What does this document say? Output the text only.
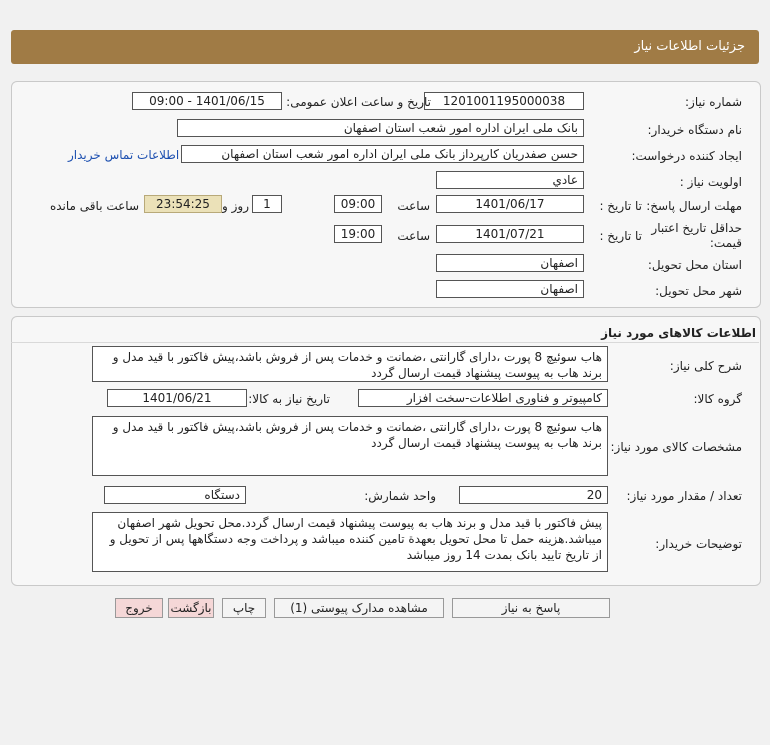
جزئیات اطلاعات نیاز
شماره نیاز:
1201001195000038
تاریخ و ساعت اعلان عمومی:
1401/06/15 - 09:00
نام دستگاه خریدار:
بانک ملی ایران اداره امور شعب استان اصفهان
ایجاد کننده درخواست:
حسن صفدریان کارپرداز بانک ملی ایران اداره امور شعب استان اصفهان
اطلاعات تماس خریدار
اولویت نیاز :
عادي
مهلت ارسال پاسخ:
تا تاریخ :
1401/06/17
ساعت
09:00
1
روز و
23:54:25
ساعت باقی مانده
حداقل تاریخ اعتبار قیمت:
تا تاریخ :
1401/07/21
ساعت
19:00
استان محل تحویل:
اصفهان
شهر محل تحویل:
اصفهان
اطلاعات کالاهای مورد نیاز
شرح کلی نیاز:
هاب سوئیچ 8 پورت ،دارای گارانتی ،ضمانت و خدمات پس از فروش باشد،پیش فاکتور با قید مدل و برند هاب به پیوست پیشنهاد قیمت ارسال گردد
گروه کالا:
کامپیوتر و فناوری اطلاعات-سخت افزار
تاریخ نیاز به کالا:
1401/06/21
مشخصات کالای مورد نیاز:
هاب سوئیچ 8 پورت ،دارای گارانتی ،ضمانت و خدمات پس از فروش باشد،پیش فاکتور با قید مدل و برند هاب به پیوست پیشنهاد قیمت ارسال گردد
تعداد / مقدار مورد نیاز:
20
واحد شمارش:
دستگاه
توضیحات خریدار:
پیش فاکتور با قید مدل و برند هاب به پیوست پیشنهاد قیمت ارسال گردد.محل تحویل شهر اصفهان میباشد.هزینه حمل تا محل تحویل بعهدة تامین کننده میباشد و پرداخت وجه دستگاهها پس از تحویل و از تاریخ تایید بانک بمدت 14 روز میباشد
پاسخ به نیاز
مشاهده مدارک پیوستی (1)
چاپ
بازگشت
خروج
